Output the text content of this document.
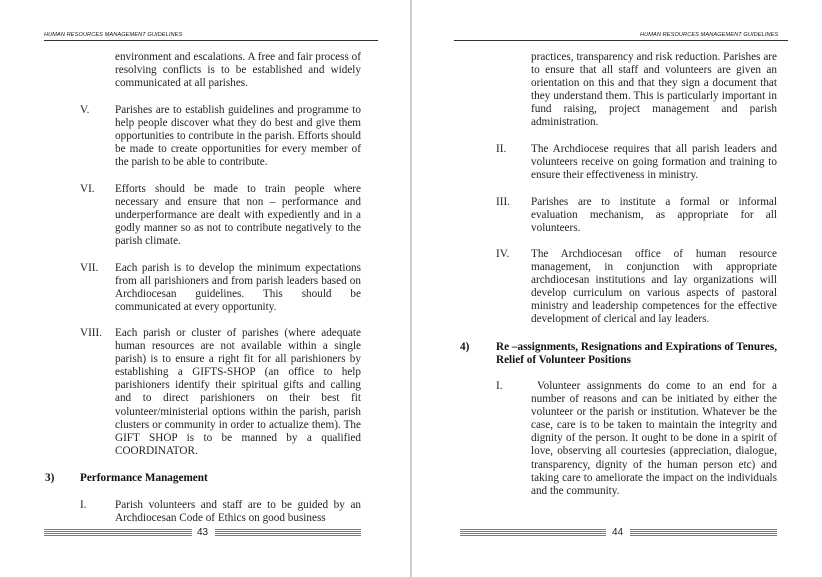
HUMAN RESOURCES MANAGEMENT GUIDELINES
environment and escalations. A free and fair process of resolving conflicts is to be established and widely communicated at all parishes.
V. Parishes are to establish guidelines and programme to help people discover what they do best and give them opportunities to contribute in the parish. Efforts should be made to create opportunities for every member of the parish to be able to contribute.
VI. Efforts should be made to train people where necessary and ensure that non – performance and underperformance are dealt with expediently and in a godly manner so as not to contribute negatively to the parish climate.
VII. Each parish is to develop the minimum expectations from all parishioners and from parish leaders based on Archdiocesan guidelines. This should be communicated at every opportunity.
VIII. Each parish or cluster of parishes (where adequate human resources are not available within a single parish) is to ensure a right fit for all parishioners by establishing a GIFTS-SHOP (an office to help parishioners identify their spiritual gifts and calling and to direct parishioners on their best fit volunteer/ministerial options within the parish, parish clusters or community in order to actualize them). The GIFT SHOP is to be manned by a qualified COORDINATOR.
3) Performance Management
I.	Parish volunteers and staff are to be guided by an Archdiocesan Code of Ethics on good business
43
HUMAN RESOURCES MANAGEMENT GUIDELINES
practices, transparency and risk reduction. Parishes are to ensure that all staff and volunteers are given an orientation on this and that they sign a document that they understand them. This is particularly important in fund raising, project management and parish administration.
II. The Archdiocese requires that all parish leaders and volunteers receive on going formation and training to ensure their effectiveness in ministry.
III. Parishes are to institute a formal or informal evaluation mechanism, as appropriate for all volunteers.
IV. The Archdiocesan office of human resource management, in conjunction with appropriate archdiocesan institutions and lay organizations will develop curriculum on various aspects of pastoral ministry and leadership competences for the effective development of clerical and lay leaders.
4) Re –assignments, Resignations and Expirations of Tenures, Relief of Volunteer Positions
I.	Volunteer assignments do come to an end for a number of reasons and can be initiated by either the volunteer or the parish or institution. Whatever be the case, care is to be taken to maintain the integrity and dignity of the person. It ought to be done in a spirit of love, observing all courtesies (appreciation, dialogue, transparency, dignity of the human person etc) and taking care to ameliorate the impact on the individuals and the community.
44
